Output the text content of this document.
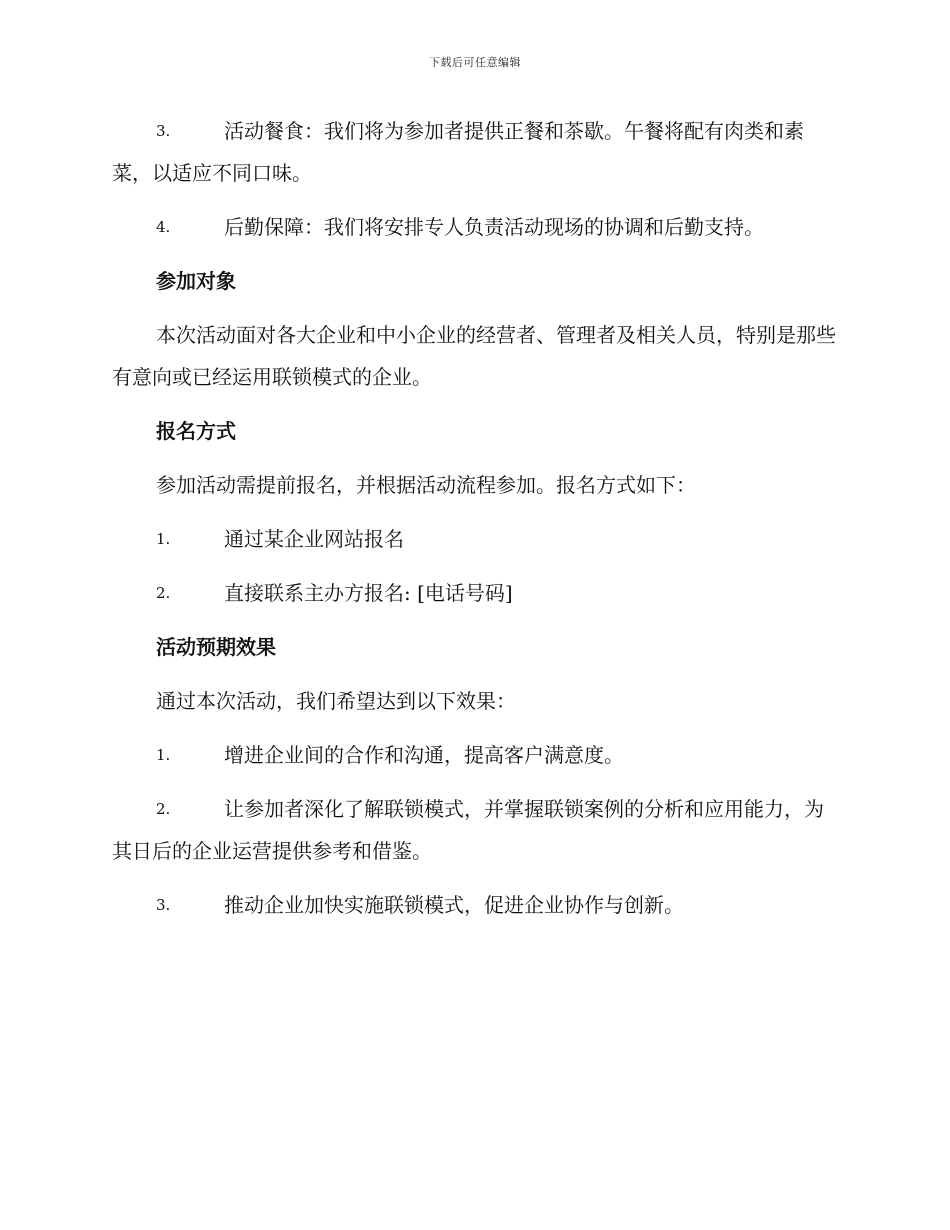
下载后可任意编辑
3.	活动餐食：我们将为参加者提供正餐和茶歇。午餐将配有肉类和素菜，以适应不同口味。
4.	后勤保障：我们将安排专人负责活动现场的协调和后勤支持。
参加对象
本次活动面对各大企业和中小企业的经营者、管理者及相关人员，特别是那些有意向或已经运用联锁模式的企业。
报名方式
参加活动需提前报名，并根据活动流程参加。报名方式如下：
1.	通过某企业网站报名
2.	直接联系主办方报名: [电话号码]
活动预期效果
通过本次活动，我们希望达到以下效果：
1.	增进企业间的合作和沟通，提高客户满意度。
2.	让参加者深化了解联锁模式，并掌握联锁案例的分析和应用能力，为其日后的企业运营提供参考和借鉴。
3.	推动企业加快实施联锁模式，促进企业协作与创新。
